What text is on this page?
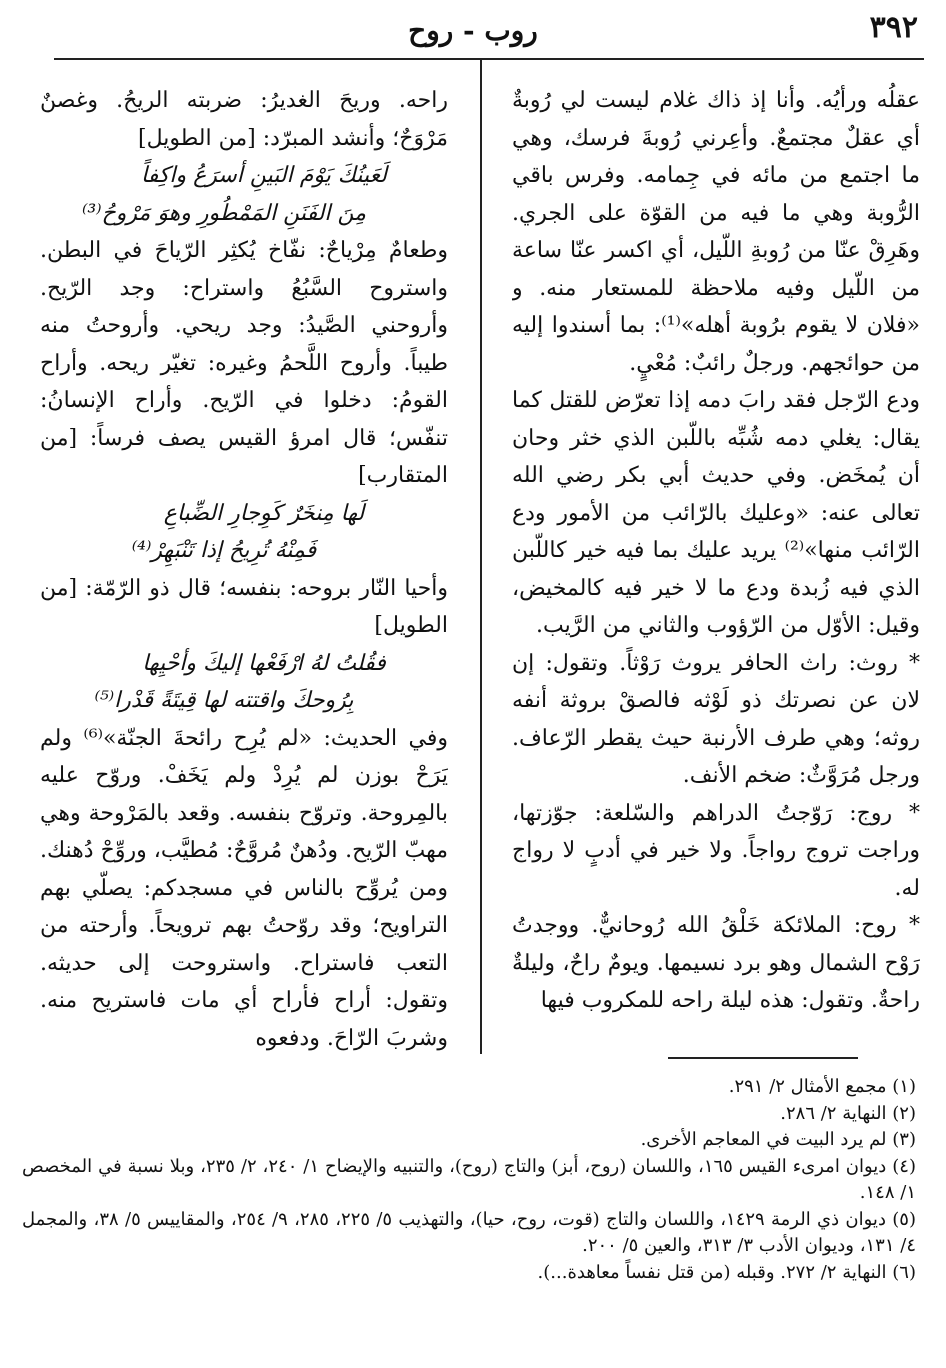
٣٩٢
روب - روح

عقلُه ورأيُه. وأنا إذ ذاك غلام ليست لي رُوبةٌ أي عقلٌ مجتمعٌ. وأعِرني رُوبةَ فرسك، وهي ما اجتمع من مائه في جِمامه. وفرس باقي الرُّوبة وهي ما فيه من القوّة على الجري. وهَرِقْ عنّا من رُوبةِ اللّيل، أي اكسر عنّا ساعة من اللّيل وفيه ملاحظة للمستعار منه. و «فلان لا يقوم برُوبة أهله»⁽¹⁾: بما أسندوا إليه من حوائجهم. ورجلٌ رائبٌ: مُعْيٍ.

ودع الرّجل فقد رابَ دمه إذا تعرّض للقتل كما يقال: يغلي دمه شُبِّه باللّبن الذي خثر وحان أن يُمخَض. وفي حديث أبي بكر رضي الله تعالى عنه: «وعليك بالرّائب من الأمور ودع الرّائب منها»⁽²⁾ يريد عليك بما فيه خير كاللّبن الذي فيه زُبدة ودع ما لا خير فيه كالمخيض، وقيل: الأوّل من الرّؤوب والثاني من الرَّيب.

* روث: راث الحافر يروث رَوْثاً. وتقول: إن لان عن نصرتك ذو لَوْثه فالصقْ بروثة أنفه روثه؛ وهي طرف الأرنبة حيث يقطر الرّعاف. ورجل مُرَوَّثٌ: ضخم الأنف.

* روج: رَوّجتُ الدراهم والسّلعة: جوّزتها، وراجت تروج رواجاً. ولا خير في أدبٍ لا رواج له.

* روح: الملائكة خَلْقُ الله رُوحانيٌّ. ووجدتُ رَوْح الشمال وهو برد نسيمها. ويومٌ راحٌ، وليلةٌ راحةٌ. وتقول: هذه ليلة راحه للمكروب فيها

راحه. وريحَ الغديرُ: ضربته الريحُ. وغصنٌ مَرْوَحٌ؛ وأنشد المبرّد: [من الطويل]

لَعَينُكَ يَوْمَ البَينِ أسرَعُ واكِفاً

مِنَ الفَنَنِ المَمْطُورِ وهوَ مَرْوحُ⁽³⁾

وطعامٌ مِرْياحٌ: نفّاخ يُكثِر الرّياحَ في البطن. واستروح السَّبُعُ واستراح: وجد الرّيح. وأروحني الصَّيدُ: وجد ريحي. وأروحتُ منه طيباً. وأروح اللَّحمُ وغيره: تغيّر ريحه. وأراح القومُ: دخلوا في الرّيح. وأراح الإنسانُ: تنفّس؛ قال امرؤ القيس يصف فرساً: [من المتقارب]

لَها مِنخَرٌ كَوِجارِ الضِّباعِ

فَمِنْهُ تُرِيحُ إذا تَنْبَهِرْ⁽⁴⁾

وأحيا النّار بروحه: بنفسه؛ قال ذو الرّمّة: [من الطويل]

فقُلتُ لهُ ارْفَعْها إليكَ وأحْيِها

بِرُوحكَ واقتته لها قِيتَةً قَدْرا⁽⁵⁾

وفي الحديث: «لم يُرِح رائحةَ الجنّة»⁽⁶⁾ ولم يَرَحْ بوزن لم يُرِدْ ولم يَخَفْ. وروّح عليه بالمِروحة. وتروّح بنفسه. وقعد بالمَرْوحة وهي مهبّ الرّيح. ودُهنٌ مُروَّحٌ: مُطيَّب، وروِّحْ دُهنك. ومن يُروِّح بالناس في مسجدكم: يصلّي بهم التراويح؛ وقد روّحتُ بهم ترويحاً. وأرحته من التعب فاستراح. واستروحت إلى حديثه. وتقول: أراح فأراح أي مات فاستريح منه. وشربَ الرّاحَ. ودفعوه

(١) مجمع الأمثال ٢/ ٢٩١.
(٢) النهاية ٢/ ٢٨٦.
(٣) لم يرد البيت في المعاجم الأخرى.
(٤) ديوان امرىء القيس ١٦٥، واللسان (روح، أبز) والتاج (روح)، والتنبيه والإيضاح ١/ ٢٤٠، ٢/ ٢٣٥، وبلا نسبة في المخصص ١/ ١٤٨.
(٥) ديوان ذي الرمة ١٤٢٩، واللسان والتاج (قوت، روح، حيا)، والتهذيب ٥/ ٢٢٥، ٢٨٥، ٩/ ٢٥٤، والمقاييس ٥/ ٣٨، والمجمل ٤/ ١٣١، وديوان الأدب ٣/ ٣١٣، والعين ٥/ ٢٠٠.
(٦) النهاية ٢/ ٢٧٢. وقبله (من قتل نفساً معاهدة...).
